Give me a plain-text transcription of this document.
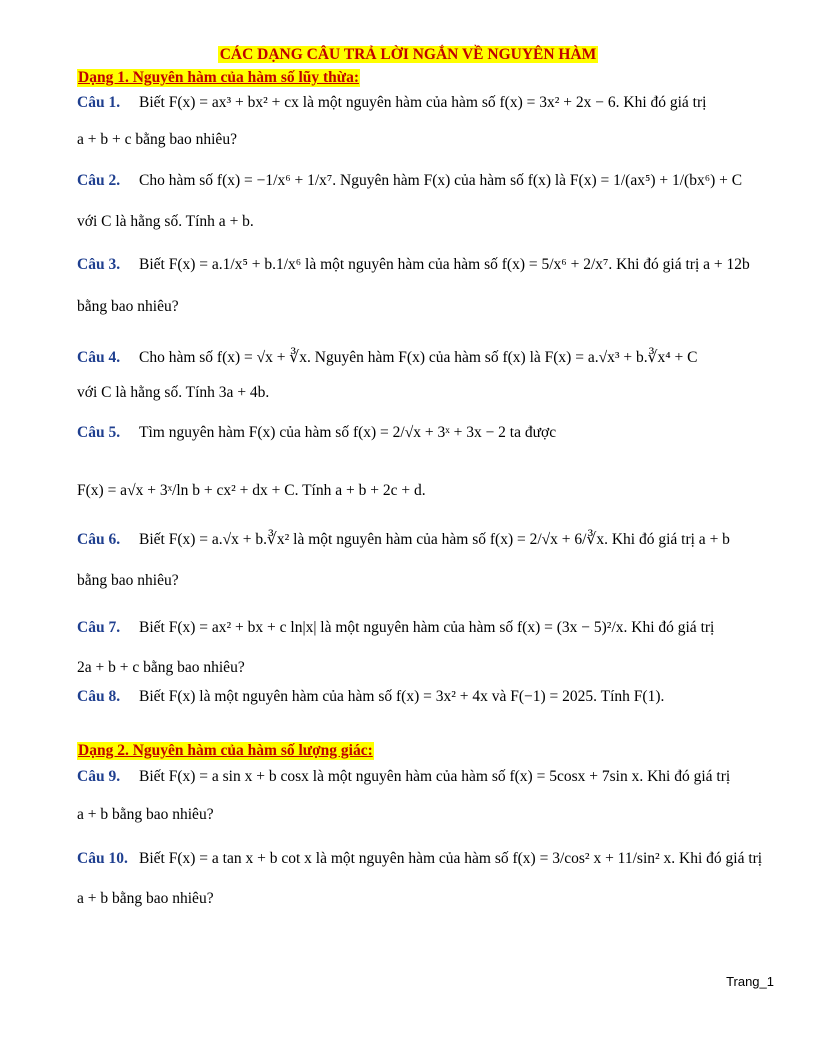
CÁC DẠNG CÂU TRẢ LỜI NGẮN VỀ NGUYÊN HÀM
Dạng 1. Nguyên hàm của hàm số lũy thừa:
Câu 1. Biết F(x) = ax³ + bx² + cx là một nguyên hàm của hàm số f(x) = 3x² + 2x − 6. Khi đó giá trị
a + b + c bằng bao nhiêu?
Câu 2. Cho hàm số f(x) = −1/x⁶ + 1/x⁷. Nguyên hàm F(x) của hàm số f(x) là F(x) = 1/(ax⁵) + 1/(bx⁶) + C
với C là hằng số. Tính a + b.
Câu 3. Biết F(x) = a.1/x⁵ + b.1/x⁶ là một nguyên hàm của hàm số f(x) = 5/x⁶ + 2/x⁷. Khi đó giá trị a + 12b
bằng bao nhiêu?
Câu 4. Cho hàm số f(x) = √x + ∛x. Nguyên hàm F(x) của hàm số f(x) là F(x) = a.√x³ + b.∛x⁴ + C
với C là hằng số. Tính 3a + 4b.
Câu 5. Tìm nguyên hàm F(x) của hàm số f(x) = 2/√x + 3ˣ + 3x − 2 ta được
F(x) = a√x + 3ˣ/ln b + cx² + dx + C. Tính a + b + 2c + d.
Câu 6. Biết F(x) = a.√x + b.∛x² là một nguyên hàm của hàm số f(x) = 2/√x + 6/∛x. Khi đó giá trị a + b
bằng bao nhiêu?
Câu 7. Biết F(x) = ax² + bx + c ln|x| là một nguyên hàm của hàm số f(x) = (3x − 5)²/x. Khi đó giá trị
2a + b + c bằng bao nhiêu?
Câu 8. Biết F(x) là một nguyên hàm của hàm số f(x) = 3x² + 4x và F(−1) = 2025. Tính F(1).
Dạng 2. Nguyên hàm của hàm số lượng giác:
Câu 9. Biết F(x) = a sin x + b cosx là một nguyên hàm của hàm số f(x) = 5cosx + 7sin x. Khi đó giá trị
a + b bằng bao nhiêu?
Câu 10. Biết F(x) = a tan x + b cot x là một nguyên hàm của hàm số f(x) = 3/cos² x + 11/sin² x. Khi đó giá trị
a + b bằng bao nhiêu?
Trang_1
